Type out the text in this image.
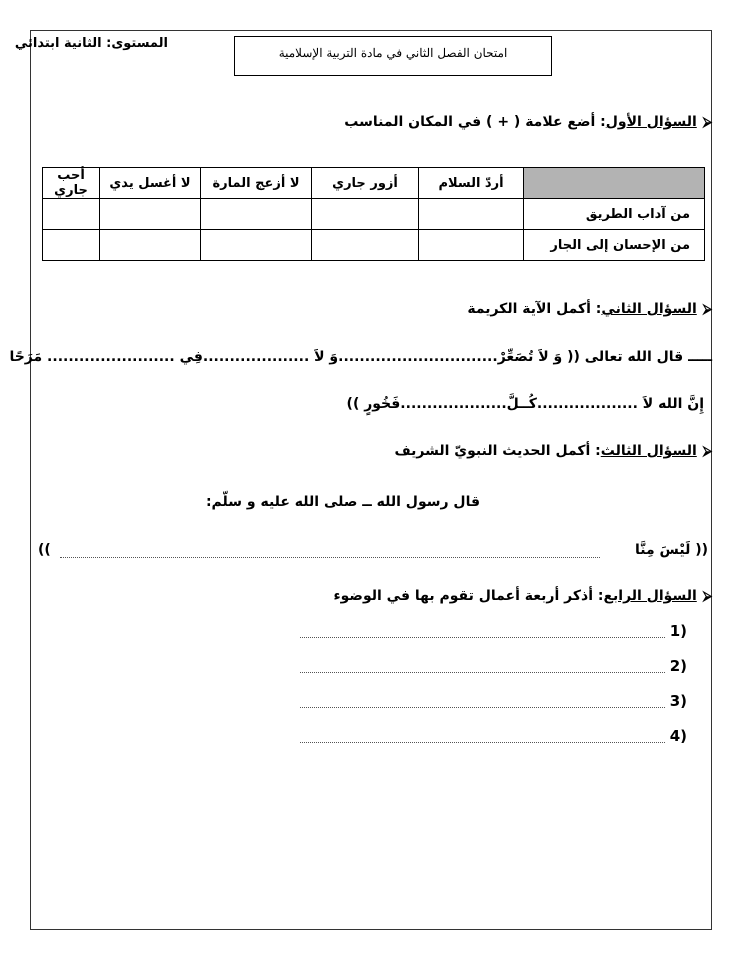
المستوى: الثانية ابتدائي
امتحان الفصل الثاني في مادة التربية الإسلامية
⮚السؤال الأول: أضع علامة ( + ) في المكان المناسب
	أردّ السلام	أزور جاري	لا أزعج المارة	لا أغسل يدي	أحب جاري
من آداب الطريق					
من الإحسان إلى الجار					
⮚السؤال الثاني: أكمل الآية الكريمة
ـــــ قال الله تعالى (( وَ لاَ تُصَعِّرْ..............................وَ لاَ ....................فِي ........................ مَرَحًا
إِنَّ الله لاَ ...................كُــلَّ....................فَخُورٍ ))
⮚السؤال الثالث: أكمل الحديث النبويّ الشريف
قال رسول الله ــ صلى الله عليه و سلّم:
(( لَيْسَ مِنَّا
))
⮚السؤال الرابع: أذكر أربعة أعمال تقوم بها في الوضوء
1)
2)
3)
4)
